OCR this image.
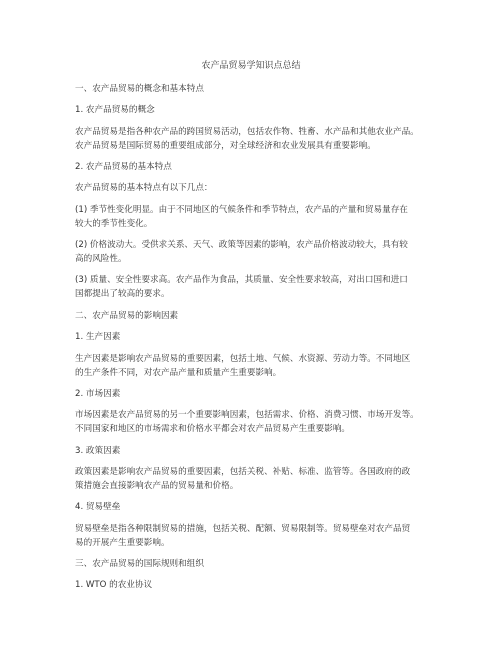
农产品贸易学知识点总结
一、农产品贸易的概念和基本特点
1. 农产品贸易的概念
农产品贸易是指各种农产品的跨国贸易活动，包括农作物、牲畜、水产品和其他农业产品。
农产品贸易是国际贸易的重要组成部分，对全球经济和农业发展具有重要影响。
2. 农产品贸易的基本特点
农产品贸易的基本特点有以下几点：
(1) 季节性变化明显。由于不同地区的气候条件和季节特点，农产品的产量和贸易量存在
较大的季节性变化。
(2) 价格波动大。受供求关系、天气、政策等因素的影响，农产品价格波动较大，具有较
高的风险性。
(3) 质量、安全性要求高。农产品作为食品，其质量、安全性要求较高，对出口国和进口
国都提出了较高的要求。
二、农产品贸易的影响因素
1. 生产因素
生产因素是影响农产品贸易的重要因素，包括土地、气候、水资源、劳动力等。不同地区
的生产条件不同，对农产品产量和质量产生重要影响。
2. 市场因素
市场因素是农产品贸易的另一个重要影响因素，包括需求、价格、消费习惯、市场开发等。
不同国家和地区的市场需求和价格水平都会对农产品贸易产生重要影响。
3. 政策因素
政策因素是影响农产品贸易的重要因素，包括关税、补贴、标准、监管等。各国政府的政
策措施会直接影响农产品的贸易量和价格。
4. 贸易壁垒
贸易壁垒是指各种限制贸易的措施，包括关税、配额、贸易限制等。贸易壁垒对农产品贸
易的开展产生重要影响。
三、农产品贸易的国际规则和组织
1. WTO 的农业协议
